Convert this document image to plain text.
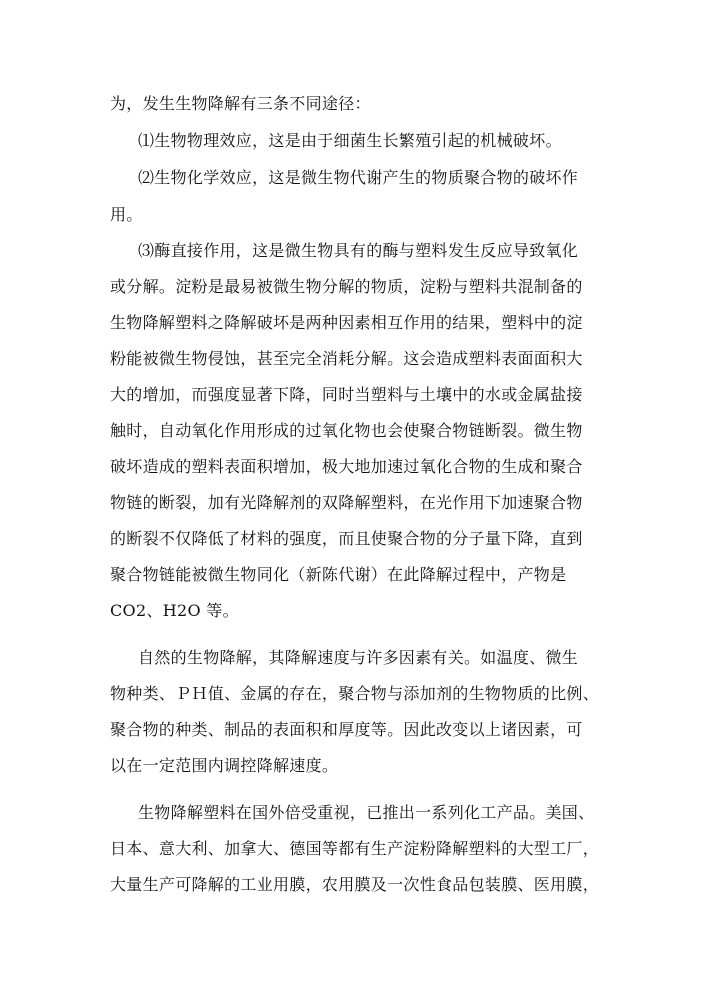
为，发生生物降解有三条不同途径：
⑴生物物理效应，这是由于细菌生长繁殖引起的机械破坏。
⑵生物化学效应，这是微生物代谢产生的物质聚合物的破坏作
用。
⑶酶直接作用，这是微生物具有的酶与塑料发生反应导致氧化
或分解。淀粉是最易被微生物分解的物质，淀粉与塑料共混制备的
生物降解塑料之降解破坏是两种因素相互作用的结果，塑料中的淀
粉能被微生物侵蚀，甚至完全消耗分解。这会造成塑料表面面积大
大的增加，而强度显著下降，同时当塑料与土壤中的水或金属盐接
触时，自动氧化作用形成的过氧化物也会使聚合物链断裂。微生物
破坏造成的塑料表面积增加，极大地加速过氧化合物的生成和聚合
物链的断裂，加有光降解剂的双降解塑料，在光作用下加速聚合物
的断裂不仅降低了材料的强度，而且使聚合物的分子量下降，直到
聚合物链能被微生物同化（新陈代谢）在此降解过程中，产物是
CO2、H2O 等。
自然的生物降解，其降解速度与许多因素有关。如温度、微生
物种类、ＰＨ值、金属的存在，聚合物与添加剂的生物物质的比例、
聚合物的种类、制品的表面积和厚度等。因此改变以上诸因素，可
以在一定范围内调控降解速度。
生物降解塑料在国外倍受重视，已推出一系列化工产品。美国、
日本、意大利、加拿大、德国等都有生产淀粉降解塑料的大型工厂，
大量生产可降解的工业用膜，农用膜及一次性食品包装膜、医用膜，
